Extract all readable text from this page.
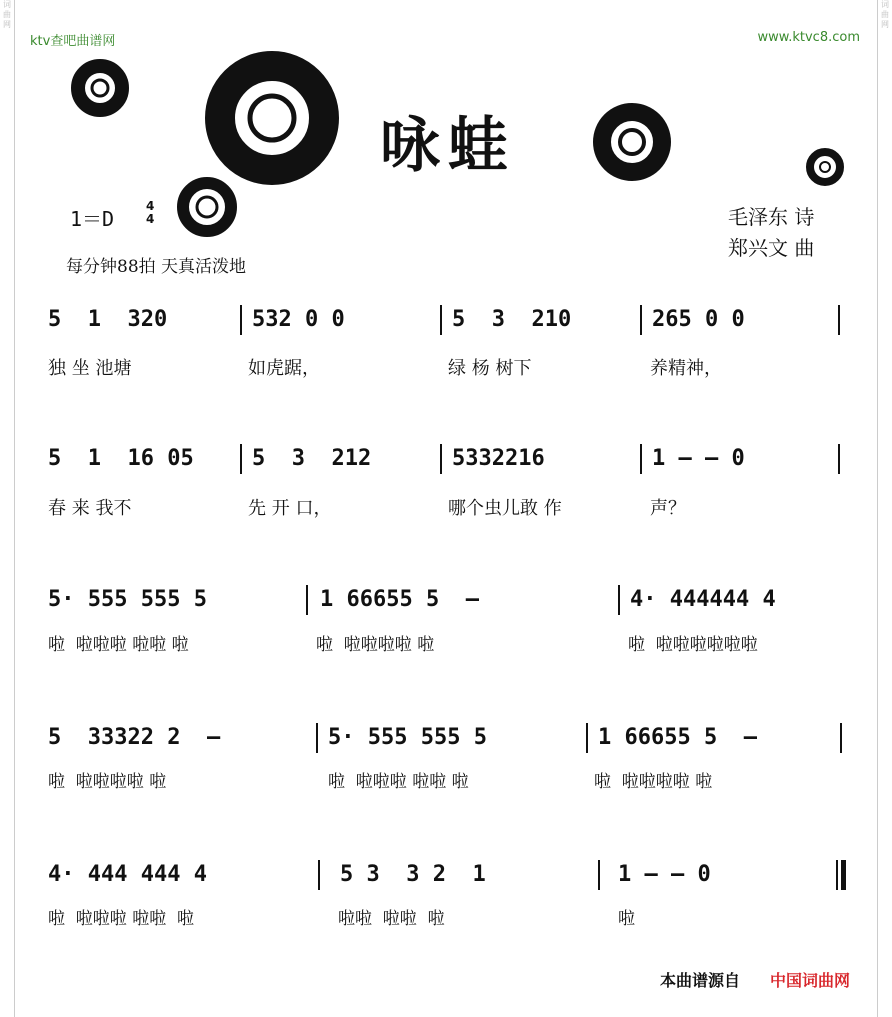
词曲网
词曲网
ktv查吧曲谱网	www.ktvc8.com
咏蛙
1＝D
4
4
每分钟88拍 天真活泼地
毛泽东 诗
郑兴文 曲
5  1  320	532 0 0	5  3  210	265 0 0
独 坐 池塘	如虎踞，	绿 杨 树下	养精神，
5  1  16 05	5  3  212	5332216	1 — — 0
春 来 我不	先 开 口，	哪个虫儿敢 作	声？
5· 555 555 5	1 66655 5  —	4· 444444 4
啦  啦啦啦 啦啦 啦	啦  啦啦啦啦 啦	啦  啦啦啦啦啦啦
5  33322 2  —	5· 555 555 5	1 66655 5  —
啦  啦啦啦啦 啦	啦  啦啦啦 啦啦 啦	啦  啦啦啦啦 啦
4· 444 444 4	5 3  3 2  1	1 — — 0
啦  啦啦啦 啦啦  啦	啦啦  啦啦  啦	啦
本曲谱源自 中国词曲网
